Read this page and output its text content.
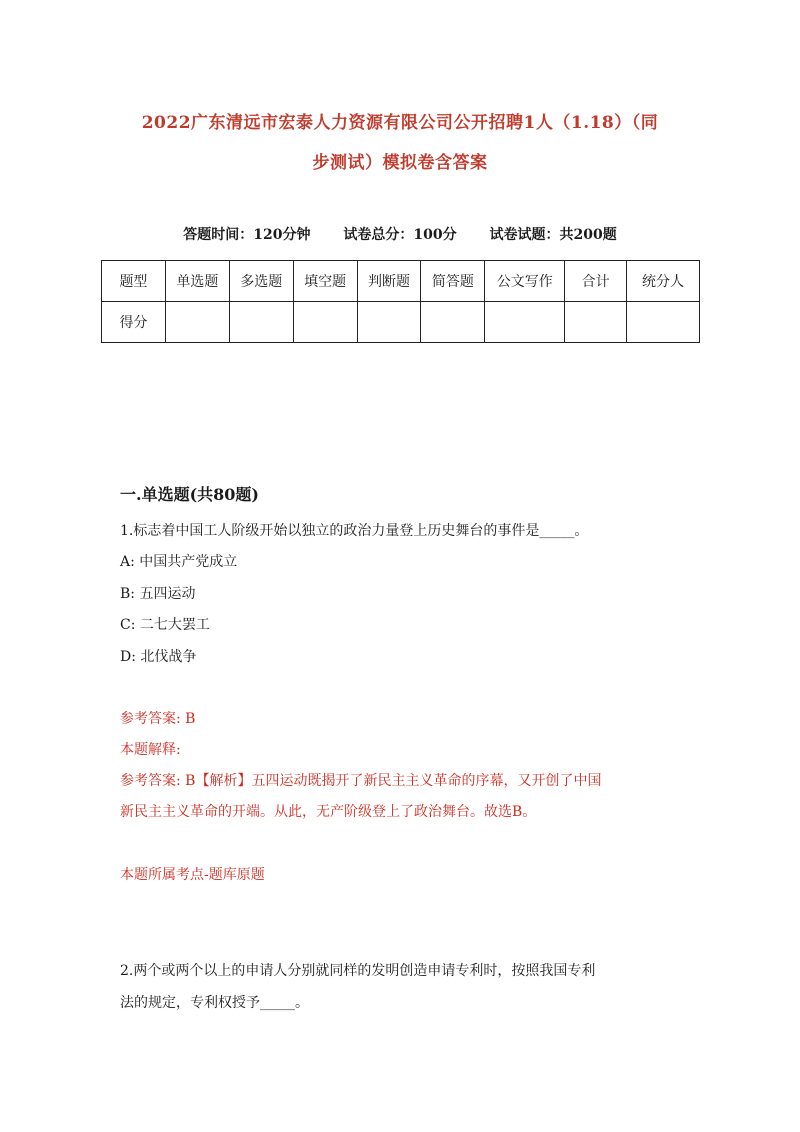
2022广东清远市宏泰人力资源有限公司公开招聘1人（1.18）（同
步测试）模拟卷含答案
答题时间：120分钟 试卷总分：100分 试卷试题：共200题
题型	单选题	多选题	填空题	判断题	简答题	公文写作	合计	统分人
得分								
一.单选题(共80题)
1.标志着中国工人阶级开始以独立的政治力量登上历史舞台的事件是_____。
A: 中国共产党成立
B: 五四运动
C: 二七大罢工
D: 北伐战争
参考答案: B
本题解释:
参考答案: B【解析】五四运动既揭开了新民主主义革命的序幕，又开创了中国
新民主主义革命的开端。从此，无产阶级登上了政治舞台。故选B。
本题所属考点-题库原题
2.两个或两个以上的申请人分别就同样的发明创造申请专利时，按照我国专利
法的规定，专利权授予_____。
